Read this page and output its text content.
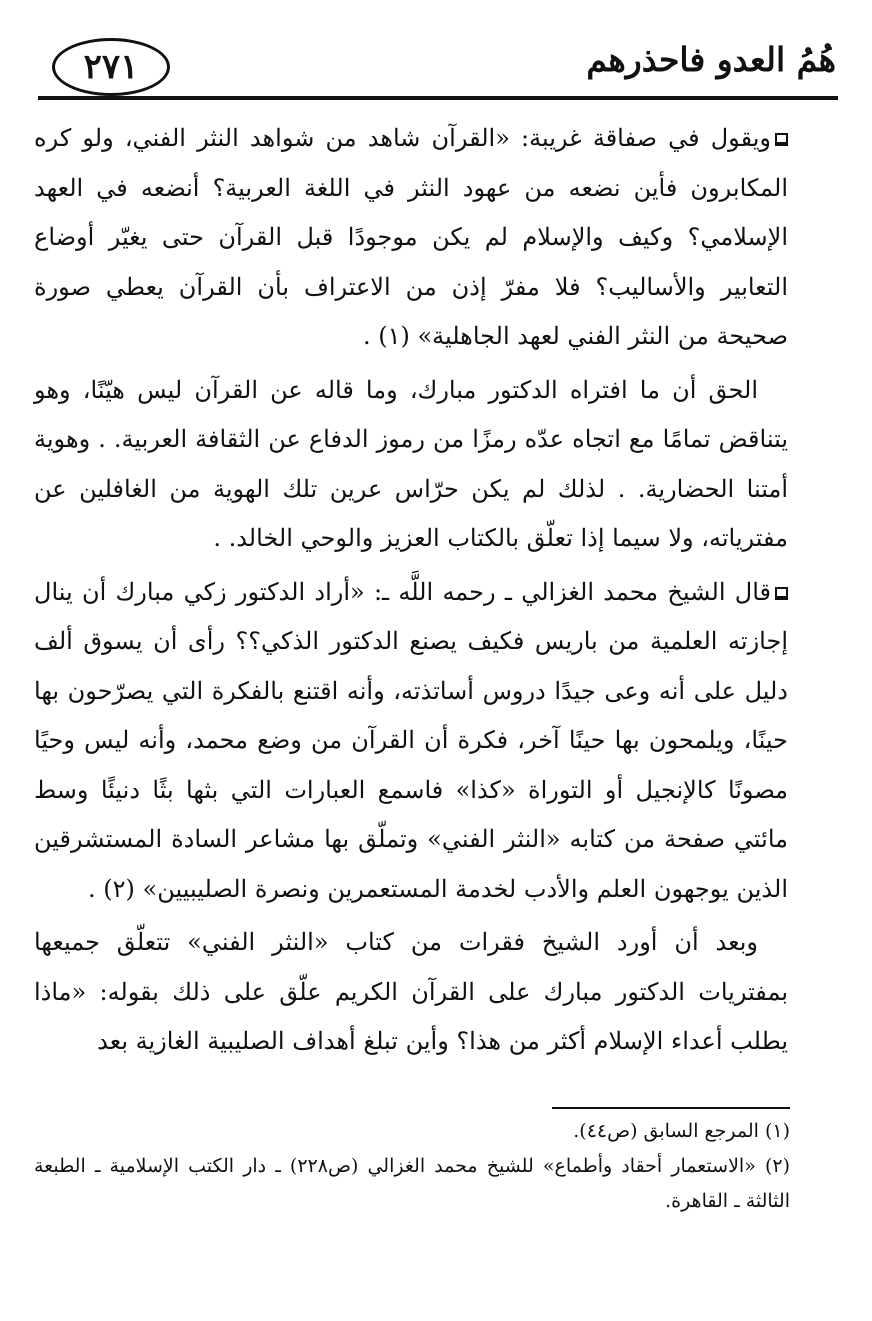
٢٧١	هُمُ العدو فاحذرهم

ويقول في صفاقة غريبة: «القرآن شاهد من شواهد النثر الفني، ولو كره المكابرون فأين نضعه من عهود النثر في اللغة العربية؟ أنضعه في العهد الإسلامي؟ وكيف والإسلام لم يكن موجودًا قبل القرآن حتى يغيّر أوضاع التعابير والأساليب؟ فلا مفرّ إذن من الاعتراف بأن القرآن يعطي صورة صحيحة من النثر الفني لعهد الجاهلية» (١) .

الحق أن ما افتراه الدكتور مبارك، وما قاله عن القرآن ليس هيّنًا، وهو يتناقض تمامًا مع اتجاه عدّه رمزًا من رموز الدفاع عن الثقافة العربية. . وهوية أمتنا الحضارية. . لذلك لم يكن حرّاس عرين تلك الهوية من الغافلين عن مفترياته، ولا سيما إذا تعلّق بالكتاب العزيز والوحي الخالد. .

قال الشيخ محمد الغزالي ـ رحمه اللَّه ـ: «أراد الدكتور زكي مبارك أن ينال إجازته العلمية من باريس فكيف يصنع الدكتور الذكي؟؟ رأى أن يسوق ألف دليل على أنه وعى جيدًا دروس أساتذته، وأنه اقتنع بالفكرة التي يصرّحون بها حينًا، ويلمحون بها حينًا آخر، فكرة أن القرآن من وضع محمد، وأنه ليس وحيًا مصونًا كالإنجيل أو التوراة «كذا» فاسمع العبارات التي بثها بثًا دنيئًا وسط مائتي صفحة من كتابه «النثر الفني» وتملّق بها مشاعر السادة المستشرقين الذين يوجهون العلم والأدب لخدمة المستعمرين ونصرة الصليبيين» (٢) .

وبعد أن أورد الشيخ فقرات من كتاب «النثر الفني» تتعلّق جميعها بمفتريات الدكتور مبارك على القرآن الكريم علّق على ذلك بقوله: «ماذا يطلب أعداء الإسلام أكثر من هذا؟ وأين تبلغ أهداف الصليبية الغازية بعد

(١) المرجع السابق (ص٤٤).

(٢) «الاستعمار أحقاد وأطماع» للشيخ محمد الغزالي (ص٢٢٨) ـ دار الكتب الإسلامية ـ الطبعة الثالثة ـ القاهرة.
